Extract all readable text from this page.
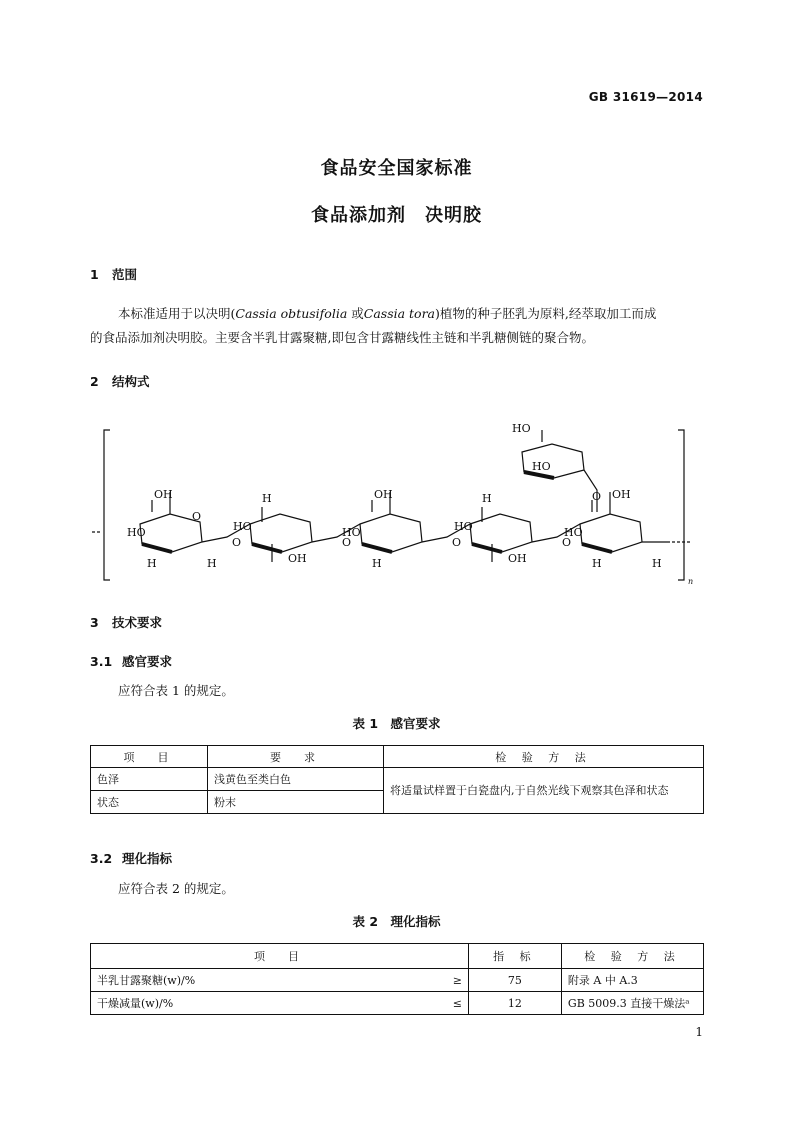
GB 31619—2014
食品安全国家标准
食品添加剂　决明胶
1 范围
本标准适用于以决明(Cassia obtusifolia 或Cassia tora)植物的种子胚乳为原料,经萃取加工而成
的食品添加剂决明胶。主要含半乳甘露聚糖,即包含甘露糖线性主链和半乳糖侧链的聚合物。
2 结构式
HO
OH
O
O
HO
OH
O
HO
OH
O
HO
OH
O
HO
OH
HO
HO
O
H	H
H
H
H
H	H
n
3 技术要求
3.1 感官要求
应符合表 1 的规定。
表 1　感官要求
项　目	要　求	检 验 方 法
色泽	浅黄色至类白色	将适量试样置于白瓷盘内,于自然光线下观察其色泽和状态
状态	粉末	
3.2 理化指标
应符合表 2 的规定。
表 2　理化指标
项　目		指 标	检 验 方 法
半乳甘露聚糖(w)/%	≥	75	附录 A 中 A.3
干燥减量(w)/%	≤	12	GB 5009.3 直接干燥法ᵃ
1
